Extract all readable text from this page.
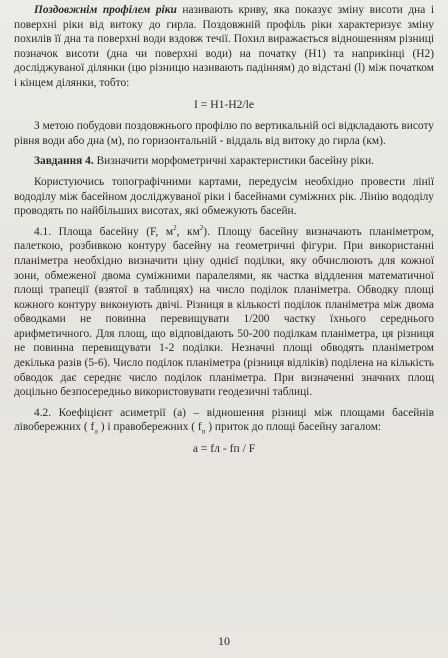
Поздовжнім профілем ріки називають криву, яка показує зміну висоти дна і поверхні ріки від витоку до гирла. Поздовжній профіль ріки характеризує зміну похилів її дна та поверхні води вздовж течії. Похил виражається відношенням різниці позначок висоти (дна чи поверхні води) на початку (H1) та наприкінці (H2) досліджуваної ділянки (цю різницю називають падінням) до відстані (l) між початком і кінцем ділянки, тобто:

I = H1-H2/le

З метою побудови поздовжнього профілю по вертикальній осі відкладають висоту рівня води або дна (м), по горизонтальній - віддаль від витоку до гирла (км).

Завдання 4. Визначити морфометричні характеристики басейну ріки.

Користуючись топографічними картами, передусім необхідно провести лінії вододілу між басейном досліджуваної ріки і басейнами суміжних рік. Лінію вододілу проводять по найбільших висотах, які обмежують басейн.

4.1. Площа басейну (F, $м^2$, $км^2$). Площу басейну визначають планіметром, палеткою, розбивкою контуру басейну на геометричні фігури. При використанні планіметра необхідно визначити ціну однієї поділки, яку обчислюють для кожної зони, обмеженої двома суміжними паралелями, як частка віддлення математичної площі трапеції (взятої в таблицях) на число поділок планіметра. Обводку площі кожного контуру виконують двічі. Різниця в кількості поділок планіметра між двома обводками не повинна перевищувати 1/200 частку їхнього середнього арифметичного. Для площ, що відповідають 50-200 поділкам планіметра, ця різниця не повинна перевищувати 1-2 поділки. Незначні площі обводять планіметром декілька разів (5-6). Число поділок планіметра (різниця відліків) поділена на кількість обводок дає середнє число поділок планіметра. При визначенні значних площ доцільно безпосередньо використовувати геодезичні таблиці.

4.2. Коефіцієнт асиметрії (а) – відношення різниці між площами басейнів лівобережних ( $f_л$ ) і правобережних ( $f_п$ ) приток до площі басейну загалом:

a = fл - fп / F

10
